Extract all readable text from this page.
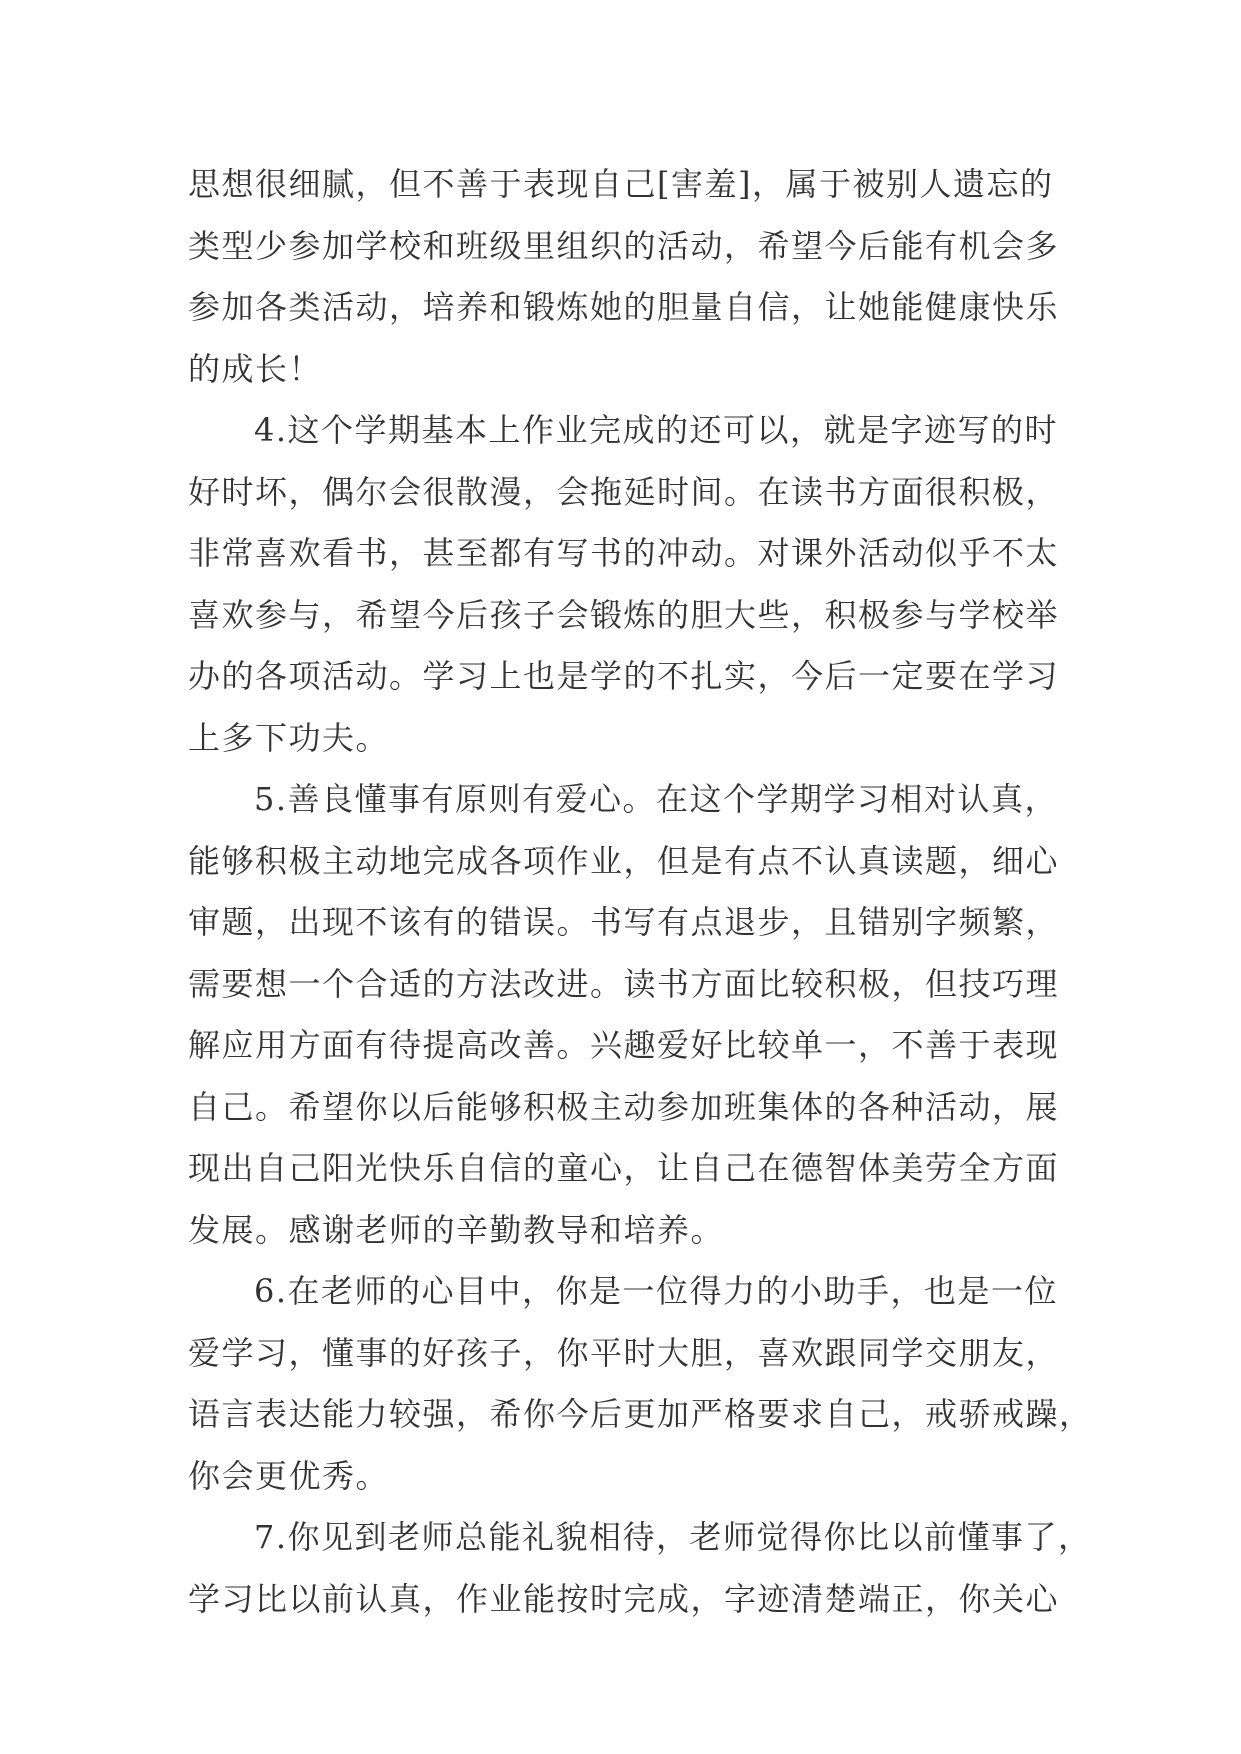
思想很细腻，但不善于表现自己[害羞]，属于被别人遗忘的
类型少参加学校和班级里组织的活动，希望今后能有机会多
参加各类活动，培养和锻炼她的胆量自信，让她能健康快乐
的成长！
4.这个学期基本上作业完成的还可以，就是字迹写的时
好时坏，偶尔会很散漫，会拖延时间。在读书方面很积极，
非常喜欢看书，甚至都有写书的冲动。对课外活动似乎不太
喜欢参与，希望今后孩子会锻炼的胆大些，积极参与学校举
办的各项活动。学习上也是学的不扎实，今后一定要在学习
上多下功夫。
5.善良懂事有原则有爱心。在这个学期学习相对认真，
能够积极主动地完成各项作业，但是有点不认真读题，细心
审题，出现不该有的错误。书写有点退步，且错别字频繁，
需要想一个合适的方法改进。读书方面比较积极，但技巧理
解应用方面有待提高改善。兴趣爱好比较单一，不善于表现
自己。希望你以后能够积极主动参加班集体的各种活动，展
现出自己阳光快乐自信的童心，让自己在德智体美劳全方面
发展。感谢老师的辛勤教导和培养。
6.在老师的心目中，你是一位得力的小助手，也是一位
爱学习，懂事的好孩子，你平时大胆，喜欢跟同学交朋友，
语言表达能力较强，希你今后更加严格要求自己，戒骄戒躁，
你会更优秀。
7.你见到老师总能礼貌相待，老师觉得你比以前懂事了，
学习比以前认真，作业能按时完成，字迹清楚端正，你关心
